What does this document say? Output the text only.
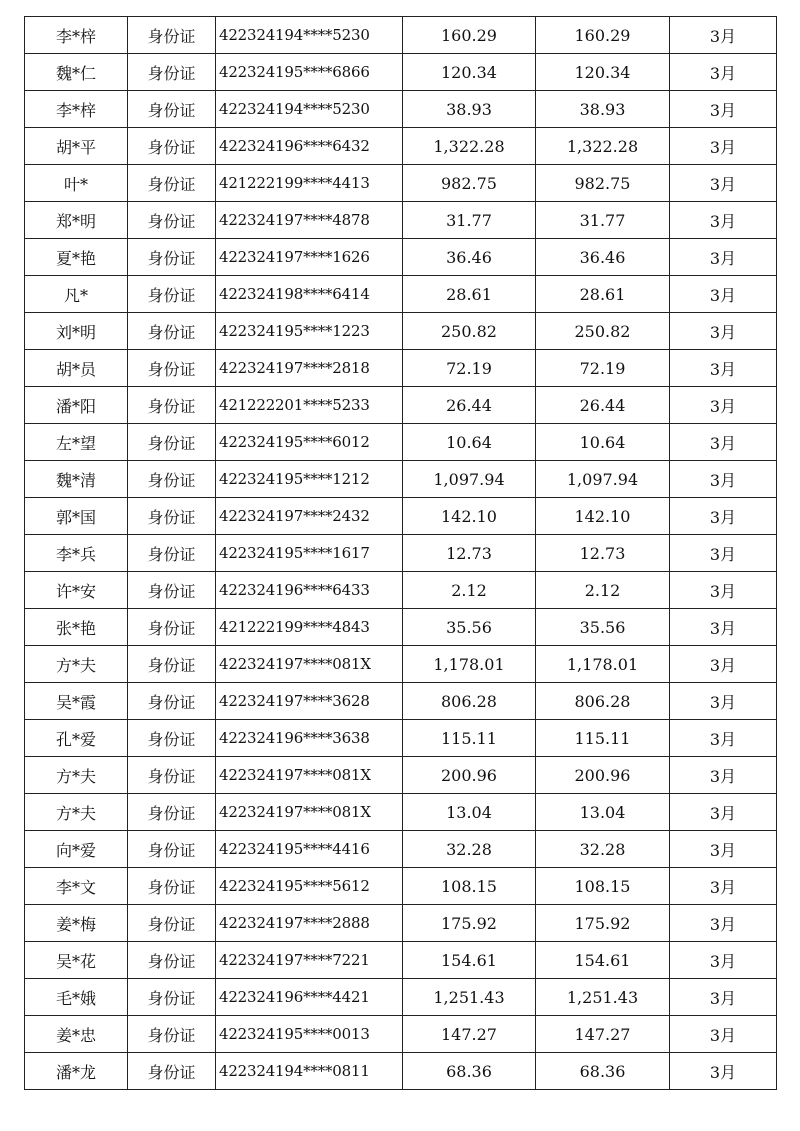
李*梓	身份证	422324194****5230	160.29	160.29	3月
魏*仁	身份证	422324195****6866	120.34	120.34	3月
李*梓	身份证	422324194****5230	38.93	38.93	3月
胡*平	身份证	422324196****6432	1,322.28	1,322.28	3月
叶*	身份证	421222199****4413	982.75	982.75	3月
郑*明	身份证	422324197****4878	31.77	31.77	3月
夏*艳	身份证	422324197****1626	36.46	36.46	3月
凡*	身份证	422324198****6414	28.61	28.61	3月
刘*明	身份证	422324195****1223	250.82	250.82	3月
胡*员	身份证	422324197****2818	72.19	72.19	3月
潘*阳	身份证	421222201****5233	26.44	26.44	3月
左*望	身份证	422324195****6012	10.64	10.64	3月
魏*清	身份证	422324195****1212	1,097.94	1,097.94	3月
郭*国	身份证	422324197****2432	142.10	142.10	3月
李*兵	身份证	422324195****1617	12.73	12.73	3月
许*安	身份证	422324196****6433	2.12	2.12	3月
张*艳	身份证	421222199****4843	35.56	35.56	3月
方*夫	身份证	422324197****081X	1,178.01	1,178.01	3月
吴*霞	身份证	422324197****3628	806.28	806.28	3月
孔*爱	身份证	422324196****3638	115.11	115.11	3月
方*夫	身份证	422324197****081X	200.96	200.96	3月
方*夫	身份证	422324197****081X	13.04	13.04	3月
向*爱	身份证	422324195****4416	32.28	32.28	3月
李*文	身份证	422324195****5612	108.15	108.15	3月
姜*梅	身份证	422324197****2888	175.92	175.92	3月
吴*花	身份证	422324197****7221	154.61	154.61	3月
毛*娥	身份证	422324196****4421	1,251.43	1,251.43	3月
姜*忠	身份证	422324195****0013	147.27	147.27	3月
潘*龙	身份证	422324194****0811	68.36	68.36	3月
